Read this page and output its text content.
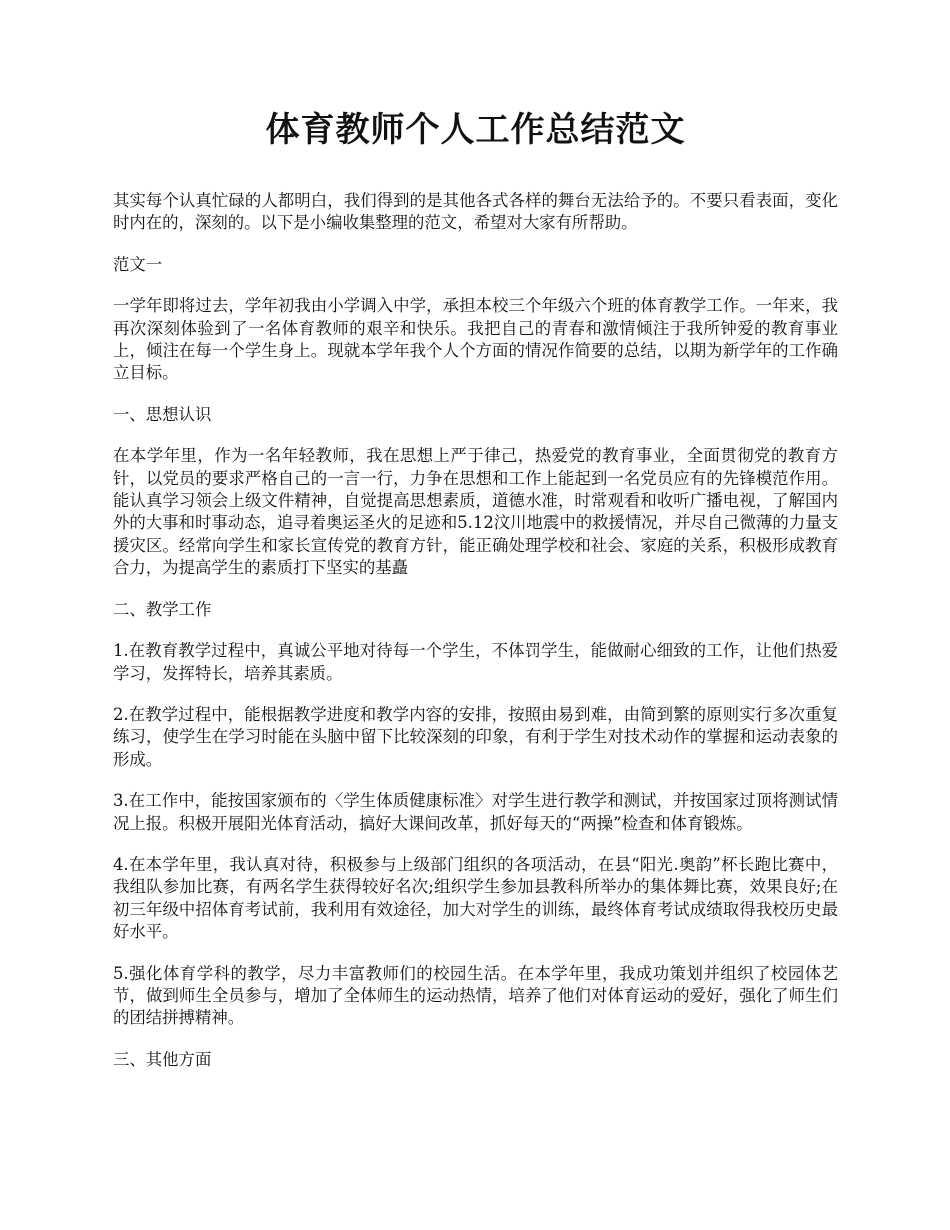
体育教师个人工作总结范文

其实每个认真忙碌的人都明白，我们得到的是其他各式各样的舞台无法给予的。不要只看表面，变化时内在的，深刻的。以下是小编收集整理的范文，希望对大家有所帮助。

范文一

一学年即将过去，学年初我由小学调入中学，承担本校三个年级六个班的体育教学工作。一年来，我再次深刻体验到了一名体育教师的艰辛和快乐。我把自己的青春和激情倾注于我所钟爱的教育事业上，倾注在每一个学生身上。现就本学年我个人个方面的情况作简要的总结，以期为新学年的工作确立目标。

一、思想认识

在本学年里，作为一名年轻教师，我在思想上严于律己，热爱党的教育事业，全面贯彻党的教育方针，以党员的要求严格自己的一言一行，力争在思想和工作上能起到一名党员应有的先锋模范作用。能认真学习领会上级文件精神，自觉提高思想素质，道德水准，时常观看和收听广播电视，了解国内外的大事和时事动态，追寻着奥运圣火的足迹和5.12汶川地震中的救援情况，并尽自己微薄的力量支援灾区。经常向学生和家长宣传党的教育方针，能正确处理学校和社会、家庭的关系，积极形成教育合力，为提高学生的素质打下坚实的基矗

二、教学工作

1.在教育教学过程中，真诚公平地对待每一个学生，不体罚学生，能做耐心细致的工作，让他们热爱学习，发挥特长，培养其素质。

2.在教学过程中，能根据教学进度和教学内容的安排，按照由易到难，由简到繁的原则实行多次重复练习，使学生在学习时能在头脑中留下比较深刻的印象，有利于学生对技术动作的掌握和运动表象的形成。

3.在工作中，能按国家颁布的〈学生体质健康标准〉对学生进行教学和测试，并按国家过顶将测试情况上报。积极开展阳光体育活动，搞好大课间改革，抓好每天的“两操”检查和体育锻炼。

4.在本学年里，我认真对待，积极参与上级部门组织的各项活动，在县“阳光.奥韵”杯长跑比赛中，我组队参加比赛，有两名学生获得较好名次;组织学生参加县教科所举办的集体舞比赛，效果良好;在初三年级中招体育考试前，我利用有效途径，加大对学生的训练，最终体育考试成绩取得我校历史最好水平。

5.强化体育学科的教学，尽力丰富教师们的校园生活。在本学年里，我成功策划并组织了校园体艺节，做到师生全员参与，增加了全体师生的运动热情，培养了他们对体育运动的爱好，强化了师生们的团结拼搏精神。

三、其他方面
